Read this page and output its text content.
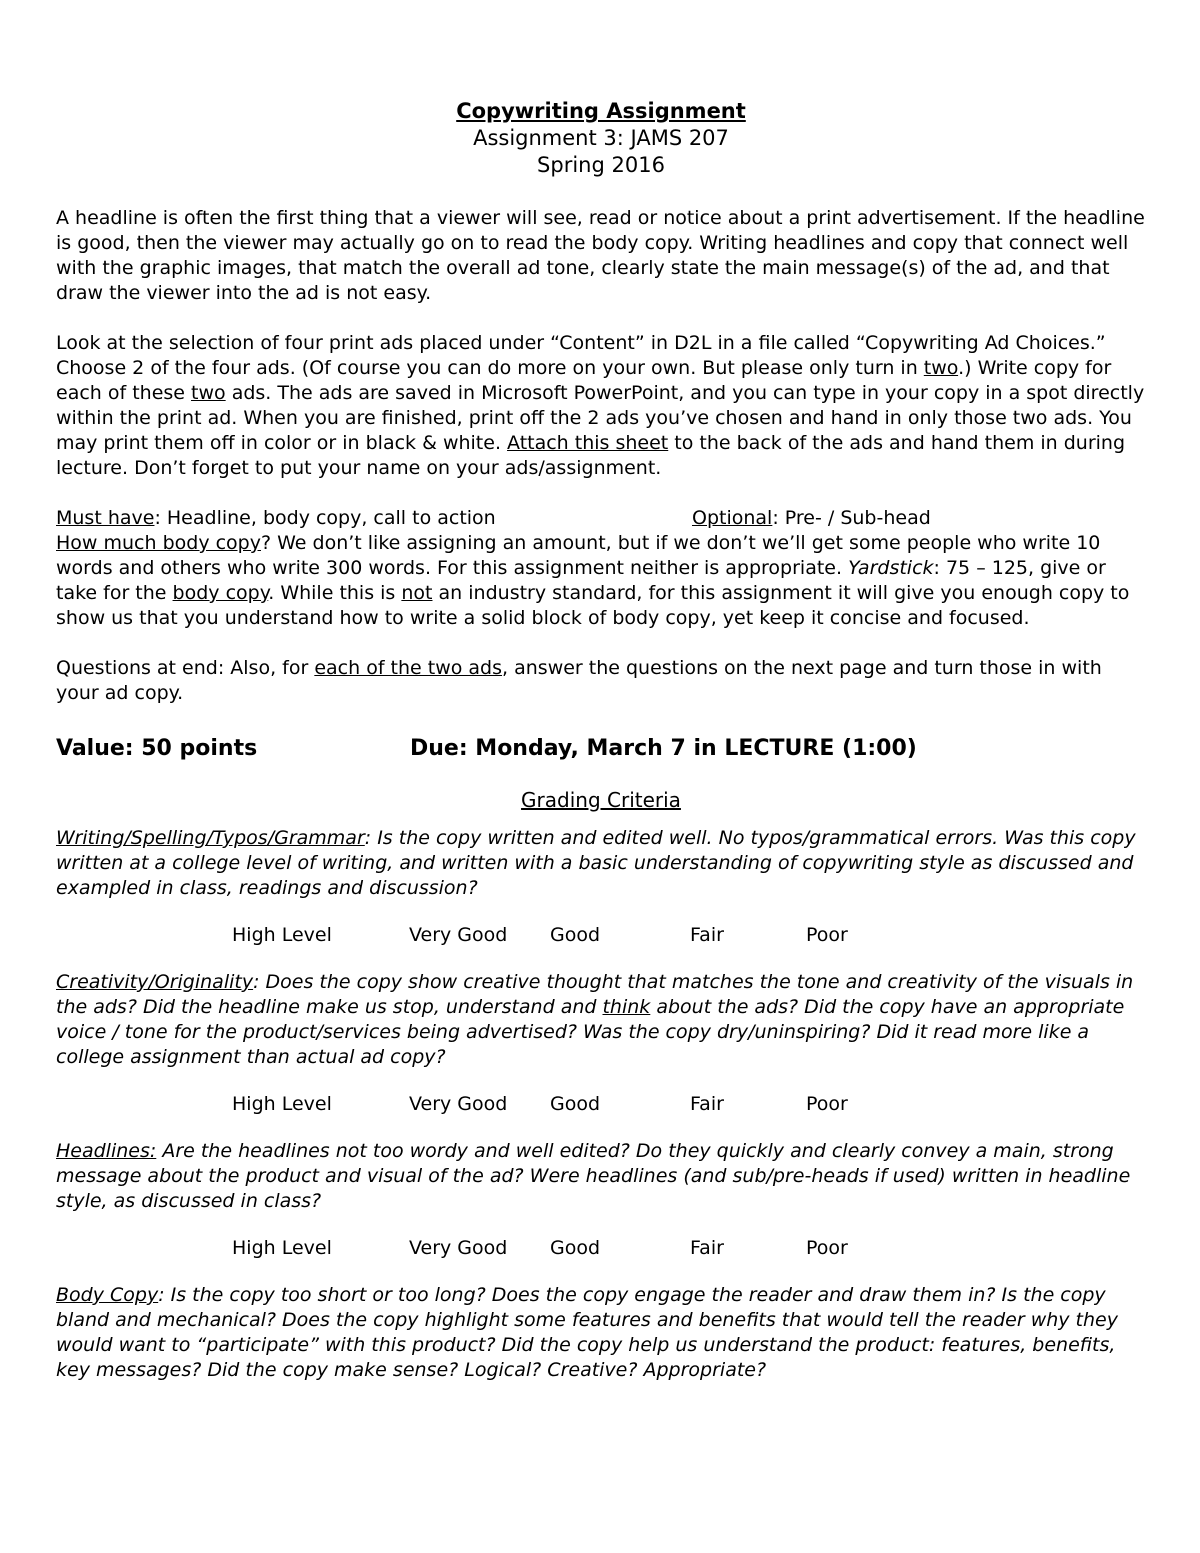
Copywriting Assignment
Assignment 3: JAMS 207
Spring 2016

A headline is often the first thing that a viewer will see, read or notice about a print advertisement. If the headline is good, then the viewer may actually go on to read the body copy. Writing headlines and copy that connect well with the graphic images, that match the overall ad tone, clearly state the main message(s) of the ad, and that draw the viewer into the ad is not easy.

Look at the selection of four print ads placed under “Content” in D2L in a file called “Copywriting Ad Choices.” Choose 2 of the four ads. (Of course you can do more on your own. But please only turn in two.) Write copy for each of these two ads. The ads are saved in Microsoft PowerPoint, and you can type in your copy in a spot directly within the print ad. When you are finished, print off the 2 ads you’ve chosen and hand in only those two ads. You may print them off in color or in black & white. Attach this sheet to the back of the ads and hand them in during lecture. Don’t forget to put your name on your ads/assignment.

Must have: Headline, body copy, call to action	Optional: Pre- / Sub-head

How much body copy? We don’t like assigning an amount, but if we don’t we’ll get some people who write 10 words and others who write 300 words. For this assignment neither is appropriate. Yardstick: 75 – 125, give or take for the body copy. While this is not an industry standard, for this assignment it will give you enough copy to show us that you understand how to write a solid block of body copy, yet keep it concise and focused.

Questions at end: Also, for each of the two ads, answer the questions on the next page and turn those in with your ad copy.

Value: 50 points	Due: Monday, March 7 in LECTURE (1:00)
Grading Criteria

Writing/Spelling/Typos/Grammar: Is the copy written and edited well. No typos/grammatical errors. Was this copy written at a college level of writing, and written with a basic understanding of copywriting style as discussed and exampled in class, readings and discussion?

High Level	Very Good Good	Fair	Poor

Creativity/Originality: Does the copy show creative thought that matches the tone and creativity of the visuals in the ads? Did the headline make us stop, understand and think about the ads? Did the copy have an appropriate voice / tone for the product/services being advertised? Was the copy dry/uninspiring? Did it read more like a college assignment than actual ad copy?

High Level	Very Good Good	Fair	Poor

Headlines: Are the headlines not too wordy and well edited? Do they quickly and clearly convey a main, strong message about the product and visual of the ad? Were headlines (and sub/pre-heads if used) written in headline style, as discussed in class?

High Level	Very Good Good	Fair	Poor

Body Copy: Is the copy too short or too long? Does the copy engage the reader and draw them in? Is the copy bland and mechanical? Does the copy highlight some features and benefits that would tell the reader why they would want to “participate” with this product? Did the copy help us understand the product: features, benefits, key messages? Did the copy make sense? Logical? Creative? Appropriate?
